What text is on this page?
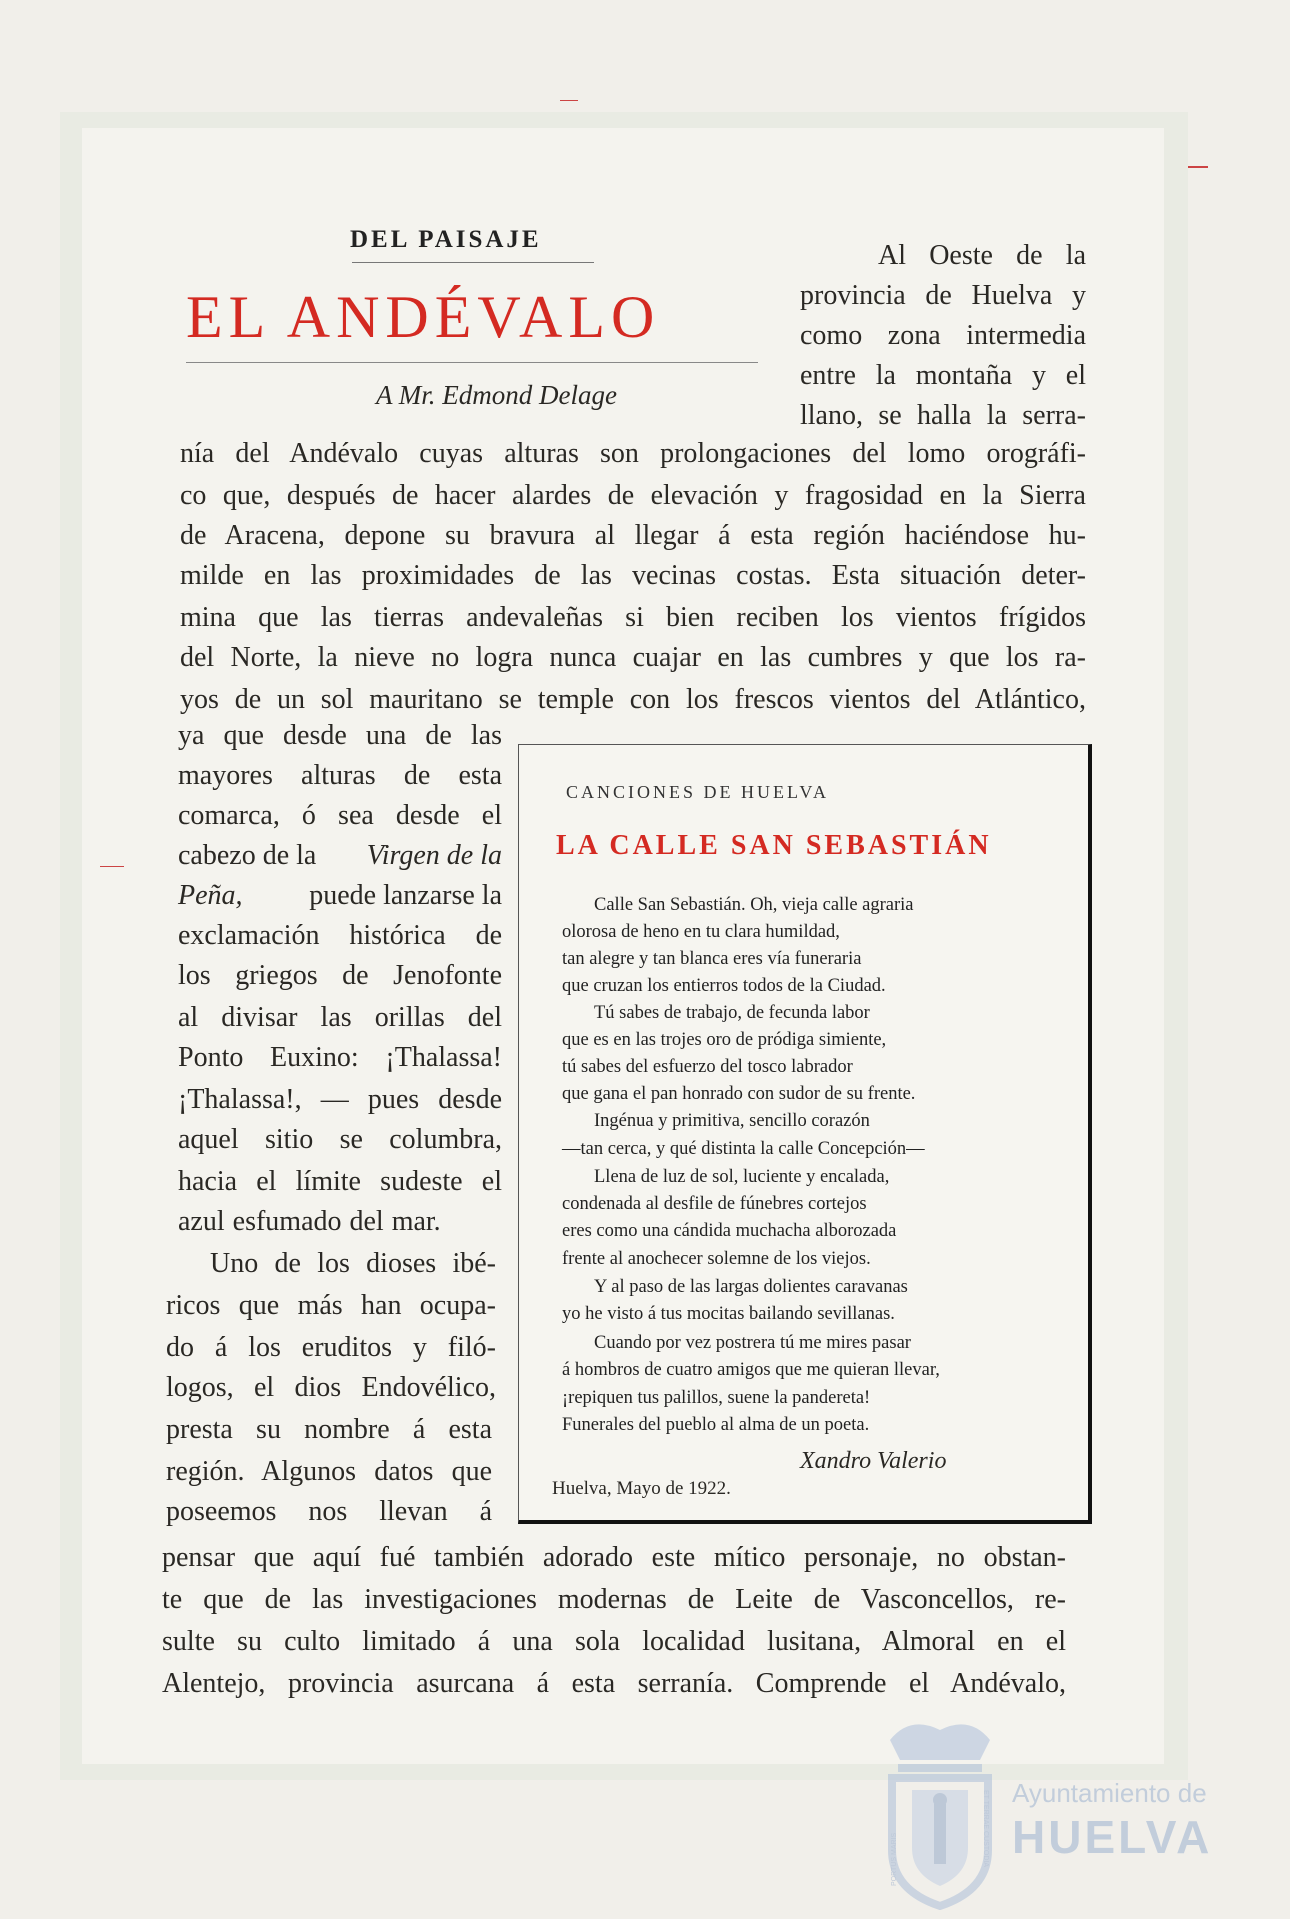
DEL PAISAJE
EL ANDÉVALO
A Mr. Edmond Delage
Al Oeste de la
provincia de Huelva y
como zona intermedia
entre la montaña y el
llano, se halla la serra-
nía del Andévalo cuyas alturas son prolongaciones del lomo orográfi-
co que, después de hacer alardes de elevación y fragosidad en la Sierra
de Aracena, depone su bravura al llegar á esta región haciéndose hu-
milde en las proximidades de las vecinas costas. Esta situación deter-
mina que las tierras andevaleñas si bien reciben los vientos frígidos
del Norte, la nieve no logra nunca cuajar en las cumbres y que los ra-
yos de un sol mauritano se temple con los frescos vientos del Atlántico,
ya que desde una de las
mayores alturas de esta
comarca, ó sea desde el
cabezo de la Virgen de la
Peña, puede lanzarse la
exclamación histórica de
los griegos de Jenofonte
al divisar las orillas del
Ponto Euxino: ¡Thalassa!
¡Thalassa!, — pues desde
aquel sitio se columbra,
hacia el límite sudeste el
azul esfumado del mar.
Uno de los dioses ibé-
ricos que más han ocupa-
do á los eruditos y filó-
logos, el dios Endovélico,
presta su nombre á esta
región. Algunos datos que
poseemos nos llevan á
pensar que aquí fué también adorado este mítico personaje, no obstan-
te que de las investigaciones modernas de Leite de Vasconcellos, re-
sulte su culto limitado á una sola localidad lusitana, Almoral en el
Alentejo, provincia asurcana á esta serranía. Comprende el Andévalo,
CANCIONES DE HUELVA
LA CALLE SAN SEBASTIÁN
Calle San Sebastián. Oh, vieja calle agraria
olorosa de heno en tu clara humildad,
tan alegre y tan blanca eres vía funeraria
que cruzan los entierros todos de la Ciudad.
Tú sabes de trabajo, de fecunda labor
que es en las trojes oro de pródiga simiente,
tú sabes del esfuerzo del tosco labrador
que gana el pan honrado con sudor de su frente.
Ingénua y primitiva, sencillo corazón
—tan cerca, y qué distinta la calle Concepción—
Llena de luz de sol, luciente y encalada,
condenada al desfile de fúnebres cortejos
eres como una cándida muchacha alborozada
frente al anochecer solemne de los viejos.
Y al paso de las largas dolientes caravanas
yo he visto á tus mocitas bailando sevillanas.
Cuando por vez postrera tú me mires pasar
á hombros de cuatro amigos que me quieran llevar,
¡repiquen tus palillos, suene la pandereta!
Funerales del pueblo al alma de un poeta.
Xandro Valerio
Huelva, Mayo de 1922.
PORTUS MARIS	ET TERRAE CUSTODIA Ayuntamiento de
HUELVA
